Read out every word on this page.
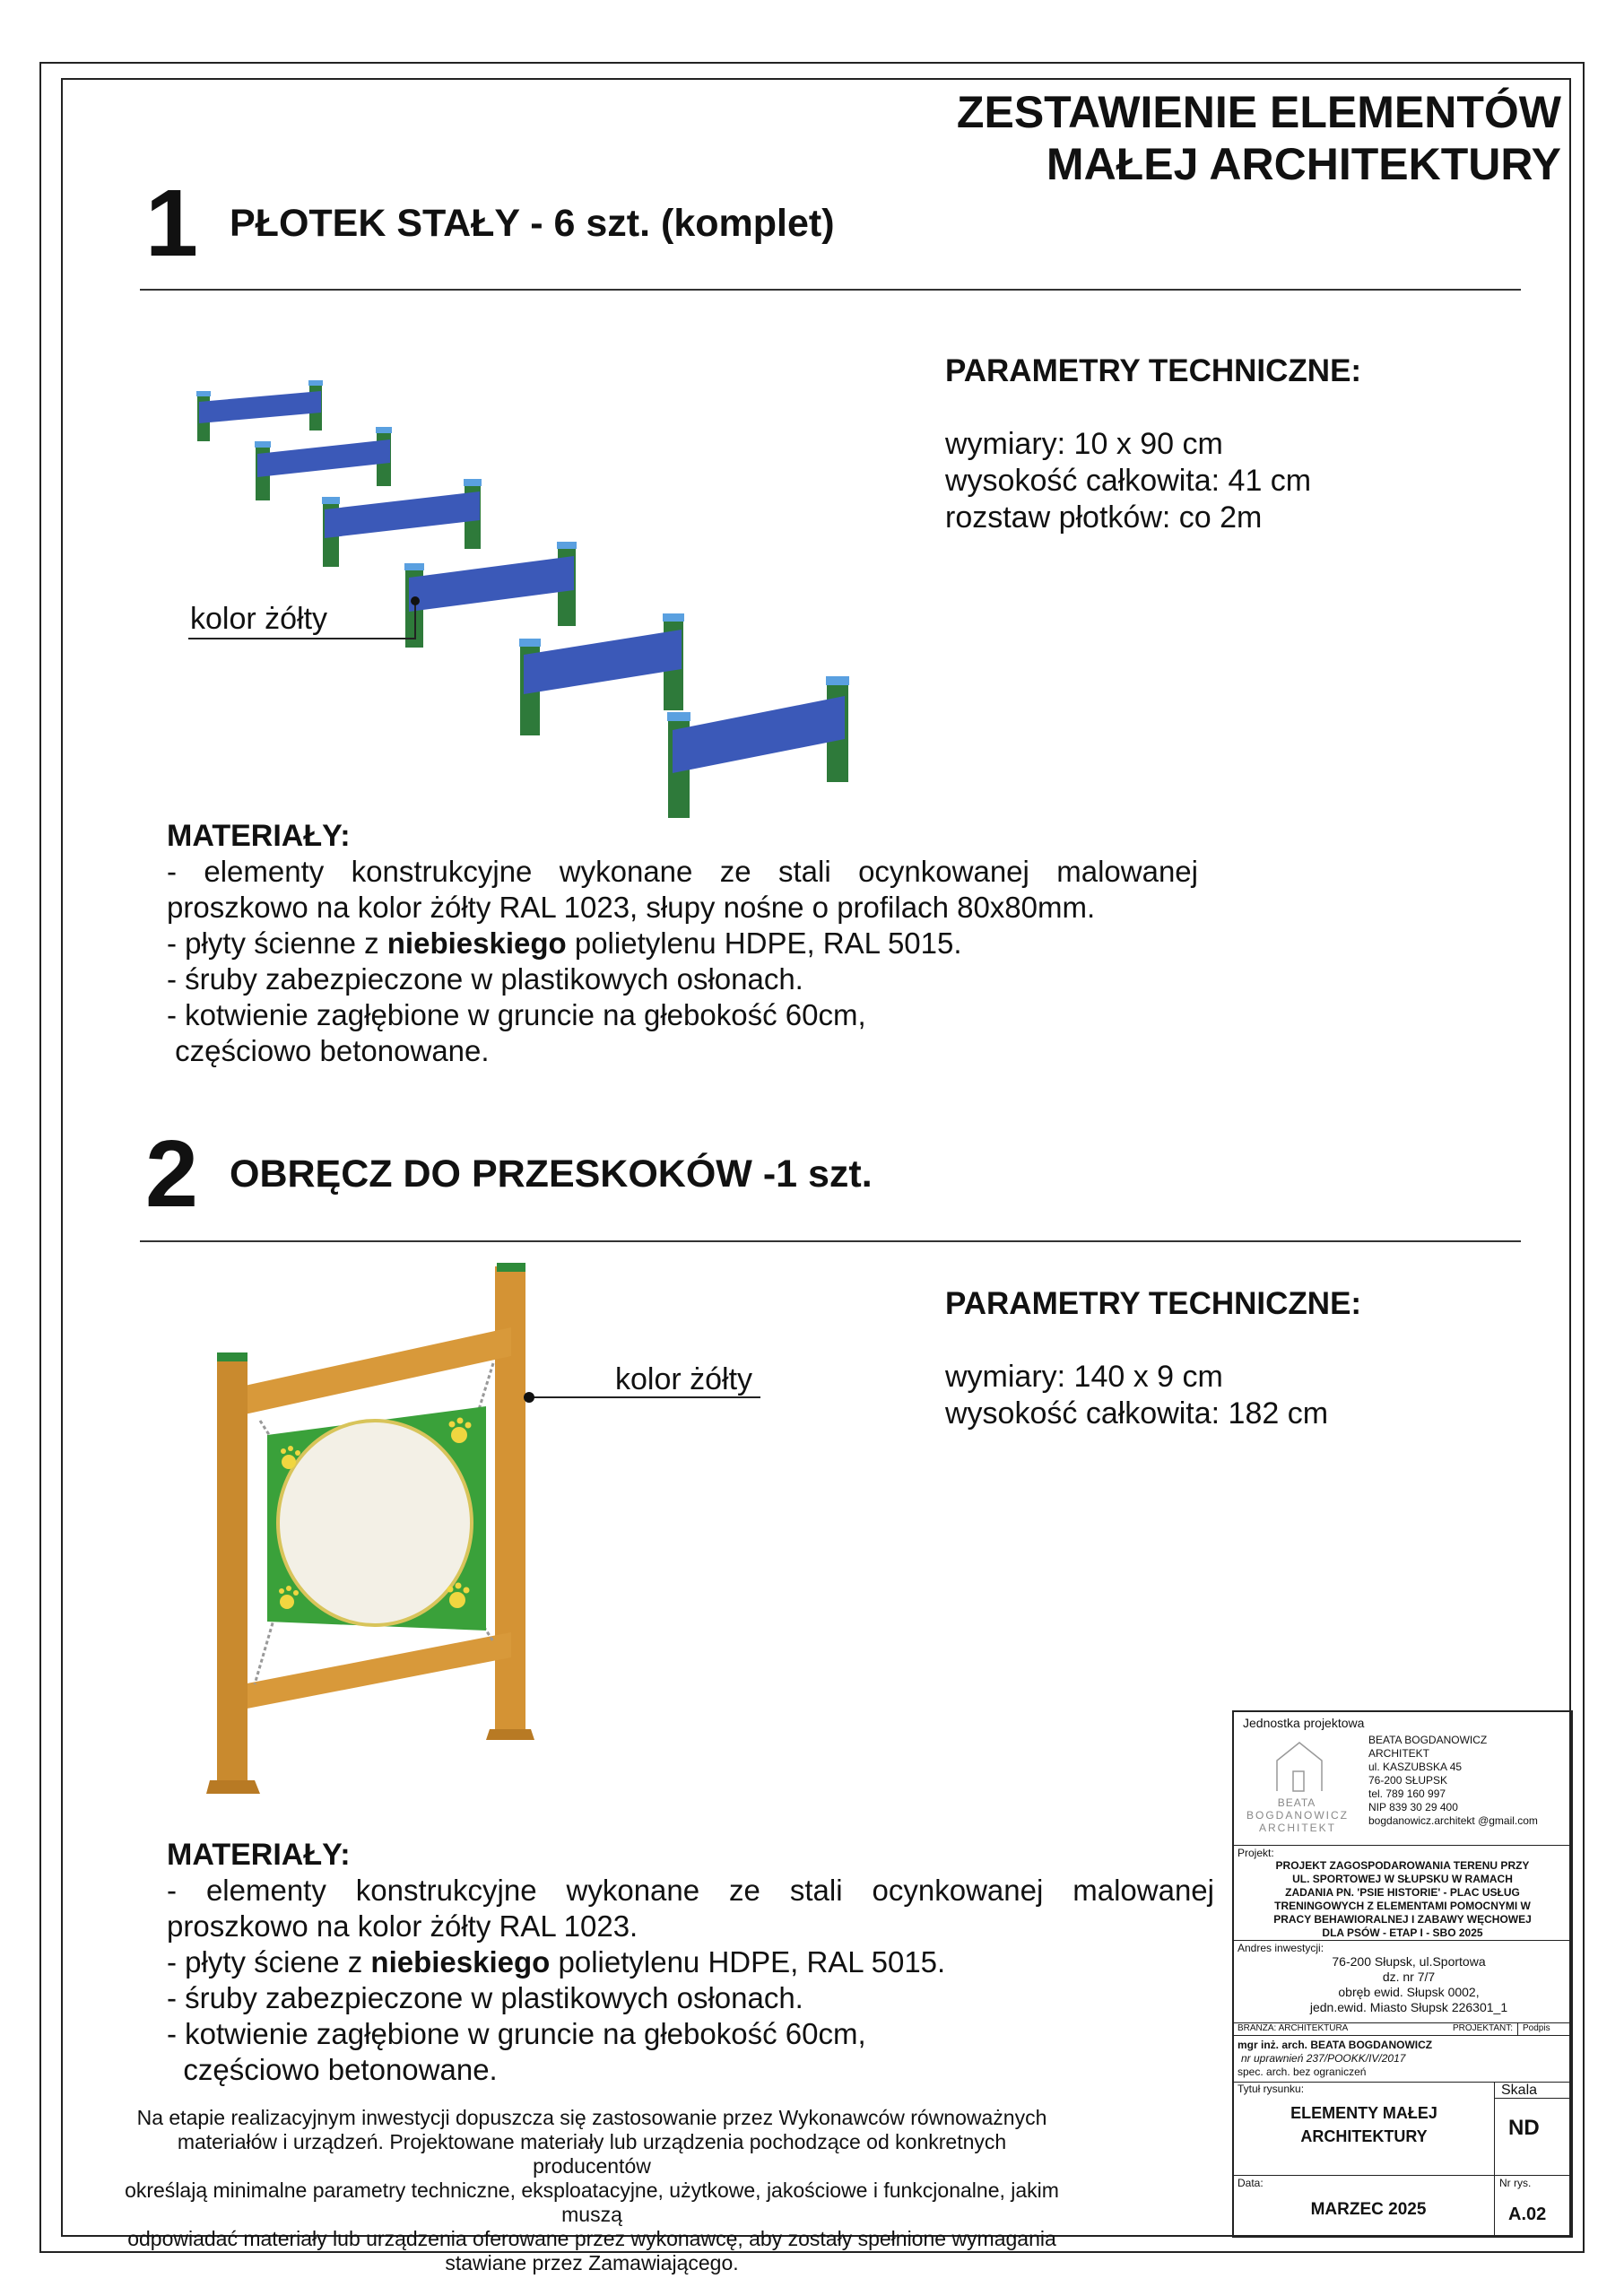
ZESTAWIENIE ELEMENTÓW
MAŁEJ ARCHITEKTURY
1 PŁOTEK STAŁY - 6 szt. (komplet)
kolor żółty
PARAMETRY TECHNICZNE:
wymiary: 10 x 90 cm
wysokość całkowita: 41 cm
rozstaw płotków: co 2m
MATERIAŁY:
- elementy konstrukcyjne wykonane ze stali ocynkowanej malowanej
proszkowo na kolor żółty RAL 1023, słupy nośne o profilach 80x80mm.
- płyty ścienne z niebieskiego polietylenu HDPE, RAL 5015.
- śruby zabezpieczone w plastikowych osłonach.
- kotwienie zagłębione w gruncie na głebokość 60cm,
częściowo betonowane.
2 OBRĘCZ DO PRZESKOKÓW -1 szt.
kolor żółty
PARAMETRY TECHNICZNE:
wymiary: 140 x 9 cm
wysokość całkowita: 182 cm
MATERIAŁY:
- elementy konstrukcyjne wykonane ze stali ocynkowanej malowanej
proszkowo na kolor żółty RAL 1023.
- płyty ściene z niebieskiego polietylenu HDPE, RAL 5015.
- śruby zabezpieczone w plastikowych osłonach.
- kotwienie zagłębione w gruncie na głebokość 60cm,
częściowo betonowane.
Na etapie realizacyjnym inwestycji dopuszcza się zastosowanie przez Wykonawców równoważnych
materiałów i urządzeń. Projektowane materiały lub urządzenia pochodzące od konkretnych producentów
określają minimalne parametry techniczne, eksploatacyjne, użytkowe, jakościowe i funkcjonalne, jakim muszą
odpowiadać materiały lub urządzenia oferowane przez wykonawcę, aby zostały spełnione wymagania
stawiane przez Zamawiającego.
Jednostka projektowa
BEATA
BOGDANOWICZ
ARCHITEKT
BEATA BOGDANOWICZ
ARCHITEKT
ul. KASZUBSKA 45
76-200 SŁUPSK
tel. 789 160 997
NIP 839 30 29 400
bogdanowicz.architekt @gmail.com
Projekt:
PROJEKT ZAGOSPODAROWANIA TERENU PRZY
UL. SPORTOWEJ W SŁUPSKU W RAMACH
ZADANIA PN. 'PSIE HISTORIE' - PLAC USŁUG
TRENINGOWYCH Z ELEMENTAMI POMOCNYMI W
PRACY BEHAWIORALNEJ I ZABAWY WĘCHOWEJ
DLA PSÓW - ETAP I - SBO 2025
Andres inwestycji:
76-200 Słupsk, ul.Sportowa
dz. nr 7/7
obręb ewid. Słupsk 0002,
jedn.ewid. Miasto Słupsk 226301_1
BRANŻA: ARCHITEKTURA	PROJEKTANT: Podpis
mgr inż. arch. BEATA BOGDANOWICZ
nr uprawnień 237/POOKK/IV/2017
spec. arch. bez ograniczeń
Tytuł rysunku:	Skala
ELEMENTY MAŁEJ
ARCHITEKTURY	ND
Data:	Nr rys.
MARZEC 2025	A.02
